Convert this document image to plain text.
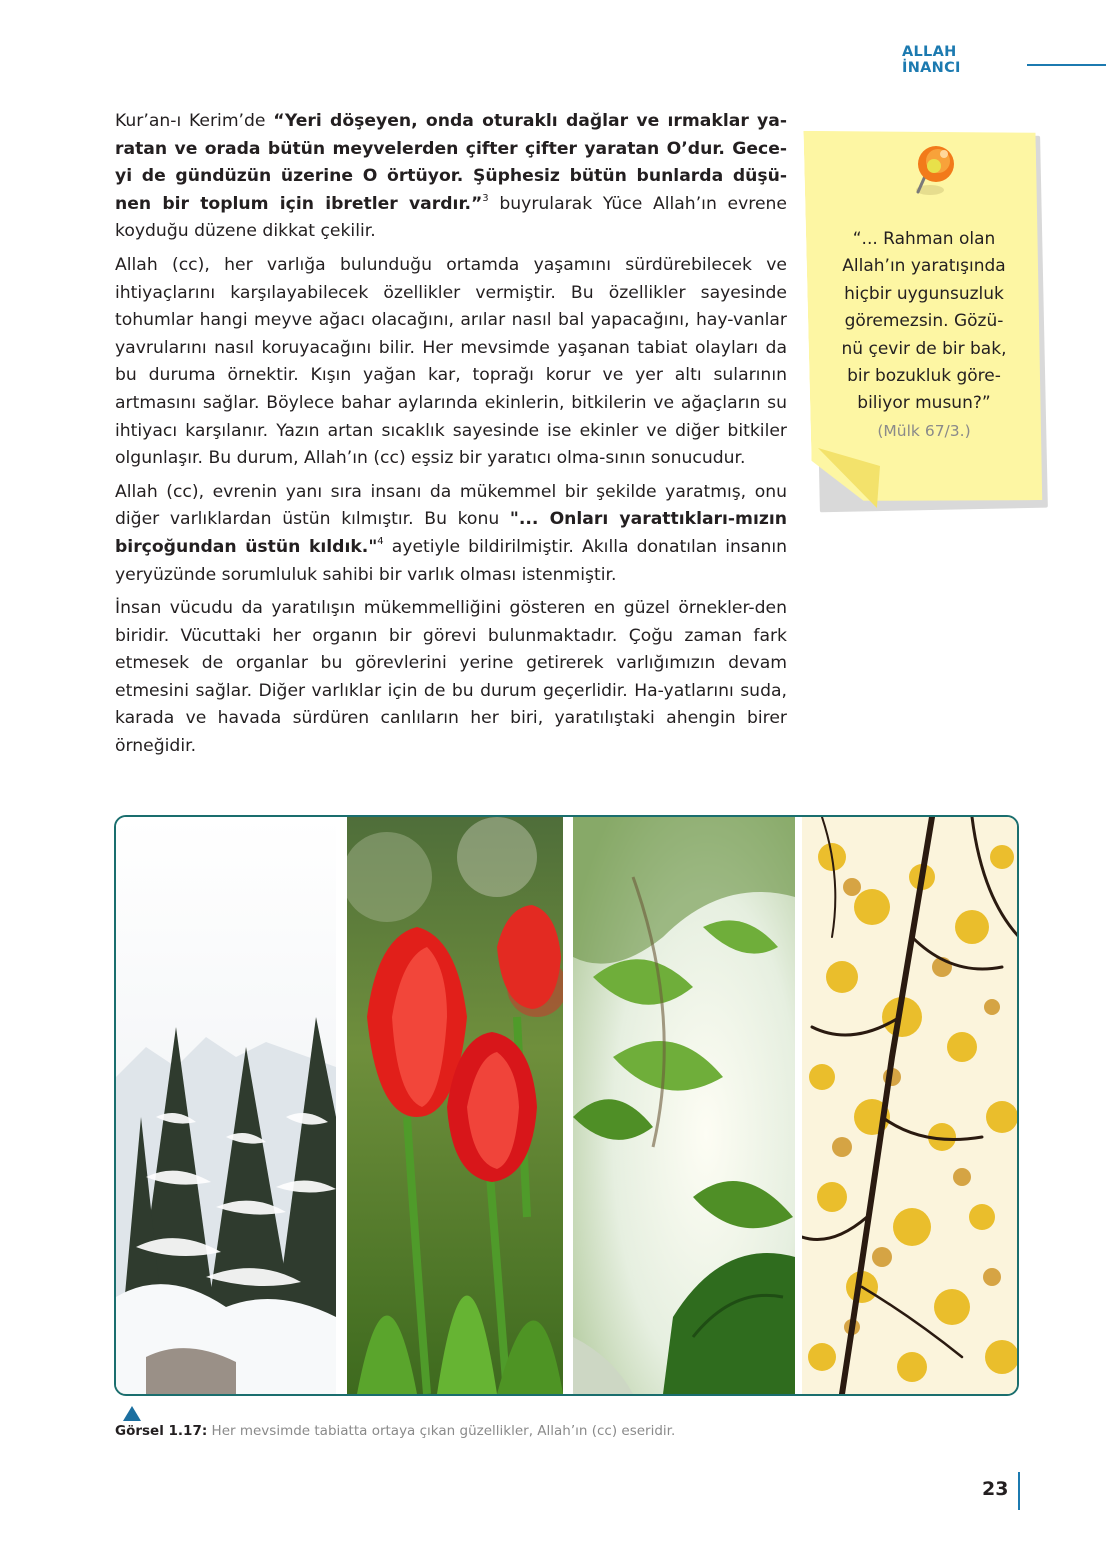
ALLAH İNANCI

Kur’an-ı Kerim’de “Yeri döşeyen, onda oturaklı dağlar ve ırmaklar ya-ratan ve orada bütün meyvelerden çifter çifter yaratan O’dur. Gece-yi de gündüzün üzerine O örtüyor. Şüphesiz bütün bunlarda düşü-nen bir toplum için ibretler vardır.”$^3$ buyrularak Yüce Allah’ın evrene koyduğu düzene dikkat çekilir.

Allah (cc), her varlığa bulunduğu ortamda yaşamını sürdürebilecek ve ihtiyaçlarını karşılayabilecek özellikler vermiştir. Bu özellikler sayesinde tohumlar hangi meyve ağacı olacağını, arılar nasıl bal yapacağını, hay-vanlar yavrularını nasıl koruyacağını bilir. Her mevsimde yaşanan tabiat olayları da bu duruma örnektir. Kışın yağan kar, toprağı korur ve yer altı sularının artmasını sağlar. Böylece bahar aylarında ekinlerin, bitkilerin ve ağaçların su ihtiyacı karşılanır. Yazın artan sıcaklık sayesinde ise ekinler ve diğer bitkiler olgunlaşır. Bu durum, Allah’ın (cc) eşsiz bir yaratıcı olma-sının sonucudur.

Allah (cc), evrenin yanı sıra insanı da mükemmel bir şekilde yaratmış, onu diğer varlıklardan üstün kılmıştır. Bu konu "... Onları yarattıkları-mızın birçoğundan üstün kıldık."$^4$ ayetiyle bildirilmiştir. Akılla donatılan insanın yeryüzünde sorumluluk sahibi bir varlık olması istenmiştir.

İnsan vücudu da yaratılışın mükemmelliğini gösteren en güzel örnekler-den biridir. Vücuttaki her organın bir görevi bulunmaktadır. Çoğu zaman fark etmesek de organlar bu görevlerini yerine getirerek varlığımızın devam etmesini sağlar. Diğer varlıklar için de bu durum geçerlidir. Ha-yatlarını suda, karada ve havada sürdüren canlıların her biri, yaratılıştaki ahengin birer örneğidir.

“... Rahman olan
Allah’ın yaratışında
hiçbir uygunsuzluk
göremezsin. Gözü-
nü çevir de bir bak,
bir bozukluk göre-
biliyor musun?”
(Mülk 67/3.)
Görsel 1.17: Her mevsimde tabiatta ortaya çıkan güzellikler, Allah’ın (cc) eseridir.
23
